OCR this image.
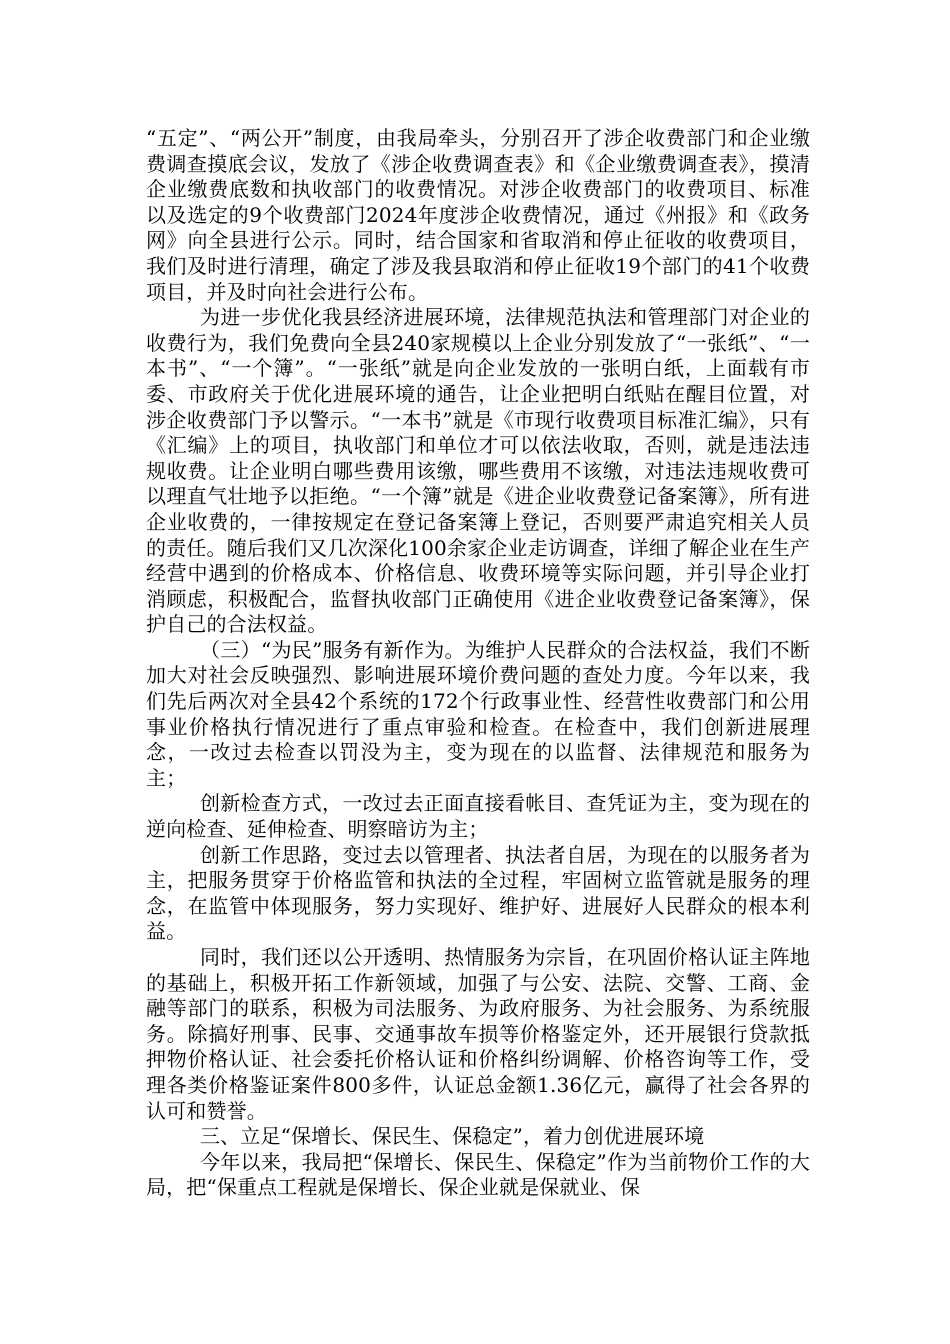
“五定”、“两公开”制度，由我局牵头，分别召开了涉企收费部门和企业缴费调查摸底会议，发放了《涉企收费调查表》和《企业缴费调查表》，摸清企业缴费底数和执收部门的收费情况。对涉企收费部门的收费项目、标准以及选定的9个收费部门2024年度涉企收费情况，通过《州报》和《政务网》向全县进行公示。同时，结合国家和省取消和停止征收的收费项目，我们及时进行清理，确定了涉及我县取消和停止征收19个部门的41个收费项目，并及时向社会进行公布。

为进一步优化我县经济进展环境，法律规范执法和管理部门对企业的收费行为，我们免费向全县240家规模以上企业分别发放了“一张纸”、“一本书”、“一个簿”。“一张纸”就是向企业发放的一张明白纸，上面载有市委、市政府关于优化进展环境的通告，让企业把明白纸贴在醒目位置，对涉企收费部门予以警示。“一本书”就是《市现行收费项目标准汇编》，只有《汇编》上的项目，执收部门和单位才可以依法收取，否则，就是违法违规收费。让企业明白哪些费用该缴，哪些费用不该缴，对违法违规收费可以理直气壮地予以拒绝。“一个簿”就是《进企业收费登记备案簿》，所有进企业收费的，一律按规定在登记备案簿上登记，否则要严肃追究相关人员的责任。随后我们又几次深化100余家企业走访调查，详细了解企业在生产经营中遇到的价格成本、价格信息、收费环境等实际问题，并引导企业打消顾虑，积极配合，监督执收部门正确使用《进企业收费登记备案簿》，保护自己的合法权益。

（三）“为民”服务有新作为。为维护人民群众的合法权益，我们不断加大对社会反映强烈、影响进展环境价费问题的查处力度。今年以来，我们先后两次对全县42个系统的172个行政事业性、经营性收费部门和公用事业价格执行情况进行了重点审验和检查。在检查中，我们创新进展理念，一改过去检查以罚没为主，变为现在的以监督、法律规范和服务为主；

创新检查方式，一改过去正面直接看帐目、查凭证为主，变为现在的逆向检查、延伸检查、明察暗访为主；

创新工作思路，变过去以管理者、执法者自居，为现在的以服务者为主，把服务贯穿于价格监管和执法的全过程，牢固树立监管就是服务的理念，在监管中体现服务，努力实现好、维护好、进展好人民群众的根本利益。

同时，我们还以公开透明、热情服务为宗旨，在巩固价格认证主阵地的基础上，积极开拓工作新领域，加强了与公安、法院、交警、工商、金融等部门的联系，积极为司法服务、为政府服务、为社会服务、为系统服务。除搞好刑事、民事、交通事故车损等价格鉴定外，还开展银行贷款抵押物价格认证、社会委托价格认证和价格纠纷调解、价格咨询等工作，受理各类价格鉴证案件800多件，认证总金额1.36亿元，赢得了社会各界的认可和赞誉。

三、立足“保增长、保民生、保稳定”，着力创优进展环境

今年以来，我局把“保增长、保民生、保稳定”作为当前物价工作的大局，把“保重点工程就是保增长、保企业就是保就业、保
